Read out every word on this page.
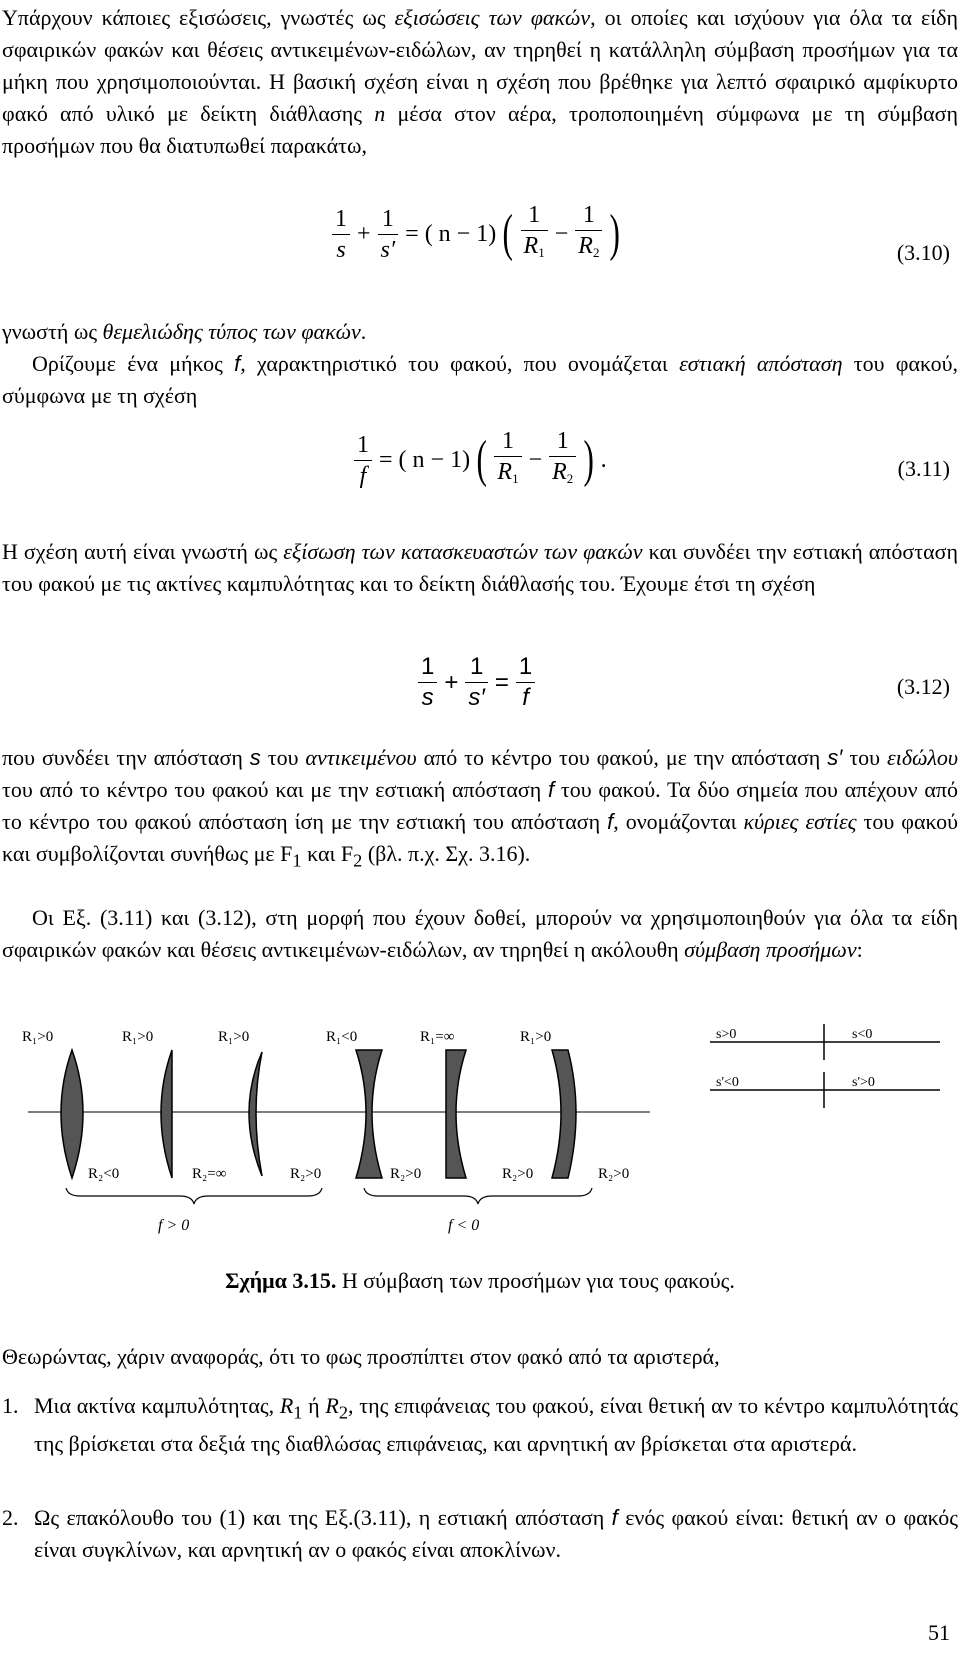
Υπάρχουν κάποιες εξισώσεις, γνωστές ως εξισώσεις των φακών, οι οποίες και ισχύουν για όλα τα είδη σφαιρικών φακών και θέσεις αντικειμένων-ειδώλων, αν τηρηθεί η κατάλληλη σύμβαση προσήμων για τα μήκη που χρησιμοποιούνται. Η βασική σχέση είναι η σχέση που βρέθηκε για λεπτό σφαιρικό αμφίκυρτο φακό από υλικό με δείκτη διάθλασης n μέσα στον αέρα, τροποποιημένη σύμφωνα με τη σύμβαση προσήμων που θα διατυπωθεί παρακάτω,
$\frac{1}{s} + \frac{1}{s'}$ = ( n − 1) ( $\frac{1}{R_1} - \frac{1}{R_2}$ )	(3.10)
γνωστή ως θεμελιώδης τύπος των φακών.
Ορίζουμε ένα μήκος f, χαρακτηριστικό του φακού, που ονομάζεται εστιακή απόσταση του φακού, σύμφωνα με τη σχέση
$\frac{1}{f}$ = ( n − 1) ( $\frac{1}{R_1} - \frac{1}{R_2}$ ) .	(3.11)
Η σχέση αυτή είναι γνωστή ως εξίσωση των κατασκευαστών των φακών και συνδέει την εστιακή απόσταση του φακού με τις ακτίνες καμπυλότητας και το δείκτη διάθλασής του. Έχουμε έτσι τη σχέση
$\frac{1}{s} + \frac{1}{s'} = \frac{1}{f}$	(3.12)
που συνδέει την απόσταση s του αντικειμένου από το κέντρο του φακού, με την απόσταση s′ του ειδώλου του από το κέντρο του φακού και με την εστιακή απόσταση f του φακού. Τα δύο σημεία που απέχουν από το κέντρο του φακού απόσταση ίση με την εστιακή του απόσταση f, ονομάζονται κύριες εστίες του φακού και συμβολίζονται συνήθως με $F_1$ και $F_2$ (βλ. π.χ. Σχ. 3.16).
Οι Εξ. (3.11) και (3.12), στη μορφή που έχουν δοθεί, μπορούν να χρησιμοποιηθούν για όλα τα είδη σφαιρικών φακών και θέσεις αντικειμένων-ειδώλων, αν τηρηθεί η ακόλουθη σύμβαση προσήμων:
R₁>0	R₁>0	R₁>0	R₁<0	R₁=∞	R₁>0
R₂<0	R₂=∞	R₂>0	R₂>0	R₂>0	R₂>0
f > 0	f < 0
s>0	s<0
s'<0	s'>0
Σχήμα 3.15. Η σύμβαση των προσήμων για τους φακούς.
Θεωρώντας, χάριν αναφοράς, ότι το φως προσπίπτει στον φακό από τα αριστερά,
1. Μια ακτίνα καμπυλότητας, $R_1$ ή $R_2$, της επιφάνειας του φακού, είναι θετική αν το κέντρο καμπυλότητάς της βρίσκεται στα δεξιά της διαθλώσας επιφάνειας, και αρνητική αν βρίσκεται στα αριστερά.
2. Ως επακόλουθο του (1) και της Εξ.(3.11), η εστιακή απόσταση f ενός φακού είναι: θετική αν ο φακός είναι συγκλίνων, και αρνητική αν ο φακός είναι αποκλίνων.
51
